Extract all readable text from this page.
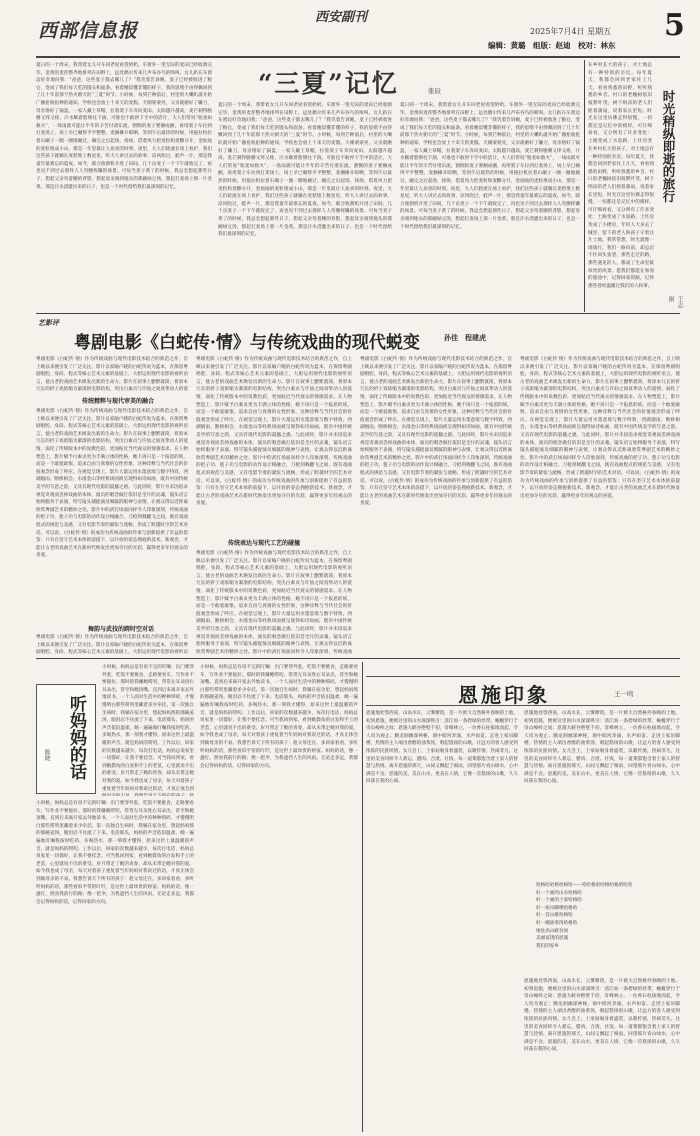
西部信息报
西安副刊
2025年7月4日 星期五
编辑：黄璐　组版：赵迪　校对：林东
5
夏日的一个周末，我带着女儿开车回老屋看望奶奶。车窗外一望无际的麦田已经收割完毕，金黄的麦茬整齐地排列在田野上，远处偶尔传来几声布谷鸟的啼叫。女儿趴在车窗边好奇地问我：“爸爸，这些麦子都去哪儿了？”我笑着告诉她，麦子已经被收进了粮仓，变成了我们每天吃的馒头和面条。看着她似懂非懂的样子，我的思绪不由得飘回到了几十年前那个热火朝天的“三夏”时节。小时候，每到芒种前后，村里的大喇叭就开始广播抢收抢种的通知，学校也会放上十来天的麦假。天刚蒙蒙亮，父亲就磨好了镰刀，母亲烙好了锅盔，一家人戴上草帽，拉着架子车奔向麦田。太阳越升越高，麦芒刺得胳膊又痒又疼，汗水顺着脸颊往下淌，可谁也不敢停下手中的活计，大人们常说“收麦如救火”，一场雨就可能让半年的辛苦付诸东流。割倒的麦子要捆成捆，再用架子车拉到打麦场上，场上早已碾得平平整整，麦捆摊开晾晒，等到午后最热的时候，用拖拉机拉着石碾子一圈一圈地碾过。碾完之后起场、扬场，借着风力把麦粒和麦糠分开，金灿灿的麦粒堆成小山，那是一年里最让人欢喜的时刻。夜里，大人们轮流在场上看护，我们这些孩子就躺在麦秸堆上数星星，听大人讲过去的故事，凉风吹过，蛙声一片，那是我童年最难忘的夏夜。如今，联合收割机开进了田间，几十亩麦子一个下午就收完了，再也见不到过去那样人人弯腰挥镰的场景。可每当麦子黄了的时候，我总会想起那些日子，想起父亲弯着腰的背影，想起母亲端到地头的那碗绿豆汤，想起打麦场上那一片金黄。那是汗水浇灌出来的日子，也是一个时代留给我们最深刻的记忆。
“三夏”记忆	张辰
夏日的一个周末，我带着女儿开车回老屋看望奶奶。车窗外一望无际的麦田已经收割完毕，金黄的麦茬整齐地排列在田野上，远处偶尔传来几声布谷鸟的啼叫。女儿趴在车窗边好奇地问我：“爸爸，这些麦子都去哪儿了？”我笑着告诉她，麦子已经被收进了粮仓，变成了我们每天吃的馒头和面条。看着她似懂非懂的样子，我的思绪不由得飘回到了几十年前那个热火朝天的“三夏”时节。小时候，每到芒种前后，村里的大喇叭就开始广播抢收抢种的通知，学校也会放上十来天的麦假。天刚蒙蒙亮，父亲就磨好了镰刀，母亲烙好了锅盔，一家人戴上草帽，拉着架子车奔向麦田。太阳越升越高，麦芒刺得胳膊又痒又疼，汗水顺着脸颊往下淌，可谁也不敢停下手中的活计，大人们常说“收麦如救火”，一场雨就可能让半年的辛苦付诸东流。割倒的麦子要捆成捆，再用架子车拉到打麦场上，场上早已碾得平平整整，麦捆摊开晾晒，等到午后最热的时候，用拖拉机拉着石碾子一圈一圈地碾过。碾完之后起场、扬场，借着风力把麦粒和麦糠分开，金灿灿的麦粒堆成小山，那是一年里最让人欢喜的时刻。夜里，大人们轮流在场上看护，我们这些孩子就躺在麦秸堆上数星星，听大人讲过去的故事，凉风吹过，蛙声一片，那是我童年最难忘的夏夜。如今，联合收割机开进了田间，几十亩麦子一个下午就收完了，再也见不到过去那样人人弯腰挥镰的场景。可每当麦子黄了的时候，我总会想起那些日子，想起父亲弯着腰的背影，想起母亲端到地头的那碗绿豆汤，想起打麦场上那一片金黄。那是汗水浇灌出来的日子，也是一个时代留给我们最深刻的记忆。
夏日的一个周末，我带着女儿开车回老屋看望奶奶。车窗外一望无际的麦田已经收割完毕，金黄的麦茬整齐地排列在田野上，远处偶尔传来几声布谷鸟的啼叫。女儿趴在车窗边好奇地问我：“爸爸，这些麦子都去哪儿了？”我笑着告诉她，麦子已经被收进了粮仓，变成了我们每天吃的馒头和面条。看着她似懂非懂的样子，我的思绪不由得飘回到了几十年前那个热火朝天的“三夏”时节。小时候，每到芒种前后，村里的大喇叭就开始广播抢收抢种的通知，学校也会放上十来天的麦假。天刚蒙蒙亮，父亲就磨好了镰刀，母亲烙好了锅盔，一家人戴上草帽，拉着架子车奔向麦田。太阳越升越高，麦芒刺得胳膊又痒又疼，汗水顺着脸颊往下淌，可谁也不敢停下手中的活计，大人们常说“收麦如救火”，一场雨就可能让半年的辛苦付诸东流。割倒的麦子要捆成捆，再用架子车拉到打麦场上，场上早已碾得平平整整，麦捆摊开晾晒，等到午后最热的时候，用拖拉机拉着石碾子一圈一圈地碾过。碾完之后起场、扬场，借着风力把麦粒和麦糠分开，金灿灿的麦粒堆成小山，那是一年里最让人欢喜的时刻。夜里，大人们轮流在场上看护，我们这些孩子就躺在麦秸堆上数星星，听大人讲过去的故事，凉风吹过，蛙声一片，那是我童年最难忘的夏夜。如今，联合收割机开进了田间，几十亩麦子一个下午就收完了，再也见不到过去那样人人弯腰挥镰的场景。可每当麦子黄了的时候，我总会想起那些日子，想起父亲弯着腰的背影，想起母亲端到地头的那碗绿豆汤，想起打麦场上那一片金黄。那是汗水浇灌出来的日子，也是一个时代留给我们最深刻的记忆。
在乡村长大的孩子，对土地总有一种特别的亲近。每年夏天，我都会回到老家住上几天，看看熟悉的田野，听听熟悉的乡音。村口的老槐树依旧枝繁叶茂，树下纳凉的老人们摇着蒲扇，说着家长里短。时光在这里仿佛走得很慢，一切都还是记忆中的模样。可仔细看看，又分明有了许多变化：土路变成了水泥路，土坯房变 时光稍纵即逝的旅行
在乡村长大的孩子，对土地总有一种特别的亲近。每年夏天，我都会回到老家住上几天，看看熟悉的田野，听听熟悉的乡音。村口的老槐树依旧枝繁叶茂，树下纳凉的老人们摇着蒲扇，说着家长里短。时光在这里仿佛走得很慢，一切都还是记忆中的模样。可仔细看看，又分明有了许多变化：土路变成了水泥路，土坯房变成了小楼房，年轻人大多去了城里，留下的老人和孩子守着这片土地。我常常想，时光就像一场旅行，我们一路向前，却总忍不住回头张望，那些走过的路，那些遇见的人，都成了生命里最珍贵的风景。愿我们都能在匆匆的旅途中，记得回家的路，记得那些曾经温暖过我们的人和事。
王志刚
艺影评
粤剧电影《白蛇传·情》与传统戏曲的现代蜕变	孙佳　程建虎
粤剧电影《白蛇传·情》作为传统戏曲与现代电影技术结合的典范之作，自上映以来便引发了广泛关注。影片以家喻户晓的白蛇传说为蓝本，在保留粤剧唱腔、身段、程式等核心艺术元素的基础上，大胆运用现代电影的视听语言，使古老的戏曲艺术焕发出新的生命力。影片在叙事上删繁就简，将原本冗长的折子戏浓缩为紧凑的电影结构，突出白素贞与许仙之间真挚动人的爱
传统精粹与现代审美的融合
粤剧电影《白蛇传·情》作为传统戏曲与现代电影技术结合的典范之作，自上映以来便引发了广泛关注。影片以家喻户晓的白蛇传说为蓝本，在保留粤剧唱腔、身段、程式等核心艺术元素的基础上，大胆运用现代电影的视听语言，使古老的戏曲艺术焕发出新的生命力。影片在叙事上删繁就简，将原本冗长的折子戏浓缩为紧凑的电影结构，突出白素贞与许仙之间真挚动人的爱情，弱化了传统版本中的说教色彩，更加贴近当代观众的情感需求。在人物塑造上，影片赋予白素贞更为丰满立体的性格，她不再只是一个报恩的妖，而是一个敢爱敢恨、追求自由与真情的女性形象，这种诠释与当代社会的价值观念形成了呼应。在视觉呈现上，影片大量运用水墨意境与数字特效，西湖烟雨、断桥相会、水漫金山等经典场面被呈现得如诗如画，既有中国传统美学的写意之韵，又具有现代电影的震撼之感。与此同时，影片并未因追求视觉奇观而丢掉戏曲的本体，演员的唱念做打依旧是全片的灵魂，镜头语言始终服务于表演，特写镜头捕捉演员细腻的眼神与表情，让观众得以近距离欣赏粤剧艺术的精妙之处。影片中的武打场面同样令人印象深刻，传统戏曲的把子功、毯子功与电影的动作设计相融合，刀枪剑戟翻飞之间，既有戏曲程式的规范与美感，又有电影节奏的紧张与流畅，形成了跨越时空的艺术对话。可以说，《白蛇传·情》的成功为传统戏曲的传承与创新提供了有益的借鉴：只有在坚守艺术本体的前提下，以开放的姿态拥抱新技术、新观念，才能让古老的戏曲艺术在新时代焕发出更加夺目的光彩，赢得更多年轻观众的喜爱。
舞韵与武技的跨时空对话
粤剧电影《白蛇传·情》作为传统戏曲与现代电影技术结合的典范之作，自上映以来便引发了广泛关注。影片以家喻户晓的白蛇传说为蓝本，在保留粤剧唱腔、身段、程式等核心艺术元素的基础上，大胆运用现代电影的视听语
粤剧电影《白蛇传·情》作为传统戏曲与现代电影技术结合的典范之作，自上映以来便引发了广泛关注。影片以家喻户晓的白蛇传说为蓝本，在保留粤剧唱腔、身段、程式等核心艺术元素的基础上，大胆运用现代电影的视听语言，使古老的戏曲艺术焕发出新的生命力。影片在叙事上删繁就简，将原本冗长的折子戏浓缩为紧凑的电影结构，突出白素贞与许仙之间真挚动人的爱情，弱化了传统版本中的说教色彩，更加贴近当代观众的情感需求。在人物塑造上，影片赋予白素贞更为丰满立体的性格，她不再只是一个报恩的妖，而是一个敢爱敢恨、追求自由与真情的女性形象，这种诠释与当代社会的价值观念形成了呼应。在视觉呈现上，影片大量运用水墨意境与数字特效，西湖烟雨、断桥相会、水漫金山等经典场面被呈现得如诗如画，既有中国传统美学的写意之韵，又具有现代电影的震撼之感。与此同时，影片并未因追求视觉奇观而丢掉戏曲的本体，演员的唱念做打依旧是全片的灵魂，镜头语言始终服务于表演，特写镜头捕捉演员细腻的眼神与表情，让观众得以近距离欣赏粤剧艺术的精妙之处。影片中的武打场面同样令人印象深刻，传统戏曲的把子功、毯子功与电影的动作设计相融合，刀枪剑戟翻飞之间，既有戏曲程式的规范与美感，又有电影节奏的紧张与流畅，形成了跨越时空的艺术对话。可以说，《白蛇传·情》的成功为传统戏曲的传承与创新提供了有益的借鉴：只有在坚守艺术本体的前提下，以开放的姿态拥抱新技术、新观念，才能让古老的戏曲艺术在新时代焕发出更加夺目的光彩，赢得更多年轻观众的喜爱。
传统表达与现代工艺的碰撞
粤剧电影《白蛇传·情》作为传统戏曲与现代电影技术结合的典范之作，自上映以来便引发了广泛关注。影片以家喻户晓的白蛇传说为蓝本，在保留粤剧唱腔、身段、程式等核心艺术元素的基础上，大胆运用现代电影的视听语言，使古老的戏曲艺术焕发出新的生命力。影片在叙事上删繁就简，将原本冗长的折子戏浓缩为紧凑的电影结构，突出白素贞与许仙之间真挚动人的爱情，弱化了传统版本中的说教色彩，更加贴近当代观众的情感需求。在人物塑造上，影片赋予白素贞更为丰满立体的性格，她不再只是一个报恩的妖，而是一个敢爱敢恨、追求自由与真情的女性形象，这种诠释与当代社会的价值观念形成了呼应。在视觉呈现上，影片大量运用水墨意境与数字特效，西湖烟雨、断桥相会、水漫金山等经典场面被呈现得如诗如画，既有中国传统美学的写意之韵，又具有现代电影的震撼之感。与此同时，影片并未因追求视觉奇观而丢掉戏曲的本体，演员的唱念做打依旧是全片的灵魂，镜头语言始终服务于表演，特写镜头捕捉演员细腻的眼神与表情，让观众得以近距离欣赏粤剧艺术的精妙之处。影片中的武打场面同样令人印象深刻，传统戏曲
粤剧电影《白蛇传·情》作为传统戏曲与现代电影技术结合的典范之作，自上映以来便引发了广泛关注。影片以家喻户晓的白蛇传说为蓝本，在保留粤剧唱腔、身段、程式等核心艺术元素的基础上，大胆运用现代电影的视听语言，使古老的戏曲艺术焕发出新的生命力。影片在叙事上删繁就简，将原本冗长的折子戏浓缩为紧凑的电影结构，突出白素贞与许仙之间真挚动人的爱情，弱化了传统版本中的说教色彩，更加贴近当代观众的情感需求。在人物塑造上，影片赋予白素贞更为丰满立体的性格，她不再只是一个报恩的妖，而是一个敢爱敢恨、追求自由与真情的女性形象，这种诠释与当代社会的价值观念形成了呼应。在视觉呈现上，影片大量运用水墨意境与数字特效，西湖烟雨、断桥相会、水漫金山等经典场面被呈现得如诗如画，既有中国传统美学的写意之韵，又具有现代电影的震撼之感。与此同时，影片并未因追求视觉奇观而丢掉戏曲的本体，演员的唱念做打依旧是全片的灵魂，镜头语言始终服务于表演，特写镜头捕捉演员细腻的眼神与表情，让观众得以近距离欣赏粤剧艺术的精妙之处。影片中的武打场面同样令人印象深刻，传统戏曲的把子功、毯子功与电影的动作设计相融合，刀枪剑戟翻飞之间，既有戏曲程式的规范与美感，又有电影节奏的紧张与流畅，形成了跨越时空的艺术对话。可以说，《白蛇传·情》的成功为传统戏曲的传承与创新提供了有益的借鉴：只有在坚守艺术本体的前提下，以开放的姿态拥抱新技术、新观念，才能让古老的戏曲艺术在新时代焕发出更加夺目的光彩，赢得更多年轻观众的喜爱。
粤剧电影《白蛇传·情》作为传统戏曲与现代电影技术结合的典范之作，自上映以来便引发了广泛关注。影片以家喻户晓的白蛇传说为蓝本，在保留粤剧唱腔、身段、程式等核心艺术元素的基础上，大胆运用现代电影的视听语言，使古老的戏曲艺术焕发出新的生命力。影片在叙事上删繁就简，将原本冗长的折子戏浓缩为紧凑的电影结构，突出白素贞与许仙之间真挚动人的爱情，弱化了传统版本中的说教色彩，更加贴近当代观众的情感需求。在人物塑造上，影片赋予白素贞更为丰满立体的性格，她不再只是一个报恩的妖，而是一个敢爱敢恨、追求自由与真情的女性形象，这种诠释与当代社会的价值观念形成了呼应。在视觉呈现上，影片大量运用水墨意境与数字特效，西湖烟雨、断桥相会、水漫金山等经典场面被呈现得如诗如画，既有中国传统美学的写意之韵，又具有现代电影的震撼之感。与此同时，影片并未因追求视觉奇观而丢掉戏曲的本体，演员的唱念做打依旧是全片的灵魂，镜头语言始终服务于表演，特写镜头捕捉演员细腻的眼神与表情，让观众得以近距离欣赏粤剧艺术的精妙之处。影片中的武打场面同样令人印象深刻，传统戏曲的把子功、毯子功与电影的动作设计相融合，刀枪剑戟翻飞之间，既有戏曲程式的规范与美感，又有电影节奏的紧张与流畅，形成了跨越时空的艺术对话。可以说，《白蛇传·情》的成功为传统戏曲的传承与创新提供了有益的借鉴：只有在坚守艺术本体的前提下，以开放的姿态拥抱新技术、新观念，才能让古老的戏曲艺术在新时代焕发出更加夺目的光彩，赢得更多年轻观众的喜爱。
听妈妈的话
陈晓
小时候，妈妈总是有说不完的叮嘱：出门要穿外套，吃饭不要挑食，走路要看车，写作业不要拖拉。那时的我嫌她唠叨，常常左耳朵进右耳朵出，甚至和她顶嘴。直到后来离开家去外地读书，一个人面对生活中的种种琐碎，才慢慢明白那些唠叨里藏着多少牵挂。第一次独自生病时，我躺在宿舍里，想起妈妈熬的那碗姜汤，眼泪忍不住流了下来。电话那头，妈妈的声音依旧温柔，她一遍遍地叮嘱我按时吃药、多喝热水，那一刻我才懂得，原来这世上最温暖的声音，就是妈妈的唠叨。工作以后，回家的次数越来越少，每次打电话，妈妈总说家里一切都好，让我不要挂念。可当我回到家，看到她鬓角的白发和手上的老茧，心里就说不出的难受。岁月带走了她的青春，却从未带走她对我的爱。如今我也成了母亲，每天对着孩子重复着当年妈妈对我说过的话，才真正体会到
小时候，妈妈总是有说不完的叮嘱：出门要穿外套，吃饭不要挑食，走路要看车，写作业不要拖拉。那时的我嫌她唠叨，常常左耳朵进右耳朵出，甚至和她顶嘴。直到后来离开家去外地读书，一个人面对生活中的种种琐碎，才慢慢明白那些唠叨里藏着多少牵挂。第一次独自生病时，我躺在宿舍里，想起妈妈熬的那碗姜汤，眼泪忍不住流了下来。电话那头，妈妈的声音依旧温柔，她一遍遍地叮嘱我按时吃药、多喝热水，那一刻我才懂得，原来这世上最温暖的声音，就是妈妈的唠叨。工作以后，回家的次数越来越少，每次打电话，妈妈总说家里一切都好，让我不要挂念。可当我回到家，看到她鬓角的白发和手上的老茧，心里就说不出的难受。岁月带走了她的青春，却从未带走她对我的爱。如今我也成了母亲，每天对着孩子重复着当年妈妈对我说过的话，才真正体会到做母亲的不易。我想告诉天下所有的孩子：趁父母还在，多回家看看，多听听妈妈的话，那些看似平常的叮咛，是这世上最珍贵的财富。妈妈的话，像一盏灯，照亮我前行的路；像一把伞，为我遮挡人生的风雨。无论走多远，我都会记得妈妈的话，记得回家的方向。
小时候，妈妈总是有说不完的叮嘱：出门要穿外套，吃饭不要挑食，走路要看车，写作业不要拖拉。那时的我嫌她唠叨，常常左耳朵进右耳朵出，甚至和她顶嘴。直到后来离开家去外地读书，一个人面对生活中的种种琐碎，才慢慢明白那些唠叨里藏着多少牵挂。第一次独自生病时，我躺在宿舍里，想起妈妈熬的那碗姜汤，眼泪忍不住流了下来。电话那头，妈妈的声音依旧温柔，她一遍遍地叮嘱我按时吃药、多喝热水，那一刻我才懂得，原来这世上最温暖的声音，就是妈妈的唠叨。工作以后，回家的次数越来越少，每次打电话，妈妈总说家里一切都好，让我不要挂念。可当我回到家，看到她鬓角的白发和手上的老茧，心里就说不出的难受。岁月带走了她的青春，却从未带走她对我的爱。如今我也成了母亲，每天对着孩子重复着当年妈妈对我说过的话，才真正体会到做母亲的不易。我想告诉天下所有的孩子：趁父母还在，多回家看看，多听听妈妈的话，那些看似平常的叮咛，是这世上最珍贵的财富。妈妈的话，像一盏灯，照亮我前行的路；像一把伞，为我遮挡人生的风雨。无论走多远，我都会记得妈妈的话，记得回家的方向。
恩施印象	王一鸣
恩施地处鄂西南，山高水长，云雾缭绕，是一片被大自然格外眷顾的土地。初到恩施，便被这里的山水深深吸引：清江如一条碧绿的丝带，蜿蜒穿行于崇山峻岭之间；恩施大峡谷绝壁千仞，奇峰林立，一炷香石柱拔地而起，令人叹为观止；腾龙洞幽深神秘，洞中暗河奔涌，水声如雷。走进土家吊脚楼，热情的主人端出香醇的油茶汤，唱起悠扬的山歌，让远方的客人感受到浓浓的民族风情。女儿会上，土家姑娘身着盛装，以歌传情，热闹非凡。这里的美食同样令人难忘，腊肉、合渣、社饭，每一道菜都饱含着土家人的智慧与热情。离开恩施的那天，山间又飘起了细雨，回望那片青山绿水，心中满是不舍。恩施的美，美在山水，更美在人情，它像一首悠扬的山歌，久久回荡在我的心间。
恩施地处鄂西南，山高水长，云雾缭绕，是一片被大自然格外眷顾的土地。初到恩施，便被这里的山水深深吸引：清江如一条碧绿的丝带，蜿蜒穿行于崇山峻岭之间；恩施大峡谷绝壁千仞，奇峰林立，一炷香石柱拔地而起，令人叹为观止；腾龙洞幽深神秘，洞中暗河奔涌，水声如雷。走进土家吊脚楼，热情的主人端出香醇的油茶汤，唱起悠扬的山歌，让远方的客人感受到浓浓的民族风情。女儿会上，土家姑娘身着盛装，以歌传情，热闹非凡。这里的美食同样令人难忘，腊肉、合渣、社饭，每一道菜都饱含着土家人的智慧与热情。离开恩施的那天，山间又飘起了细雨，回望那片青山绿水，心中满是不舍。恩施的美，美在山水，更美在人情，它像一首悠扬的山歌，久久回荡在我的心间。
哈格哈哈格哈格哈——哈哈格哈哈格哈格哈哈哈
好一个画的山水哈格哈
好一个画的土家哈格哈
好一座吊脚楼哈格哈
好一首山歌哈格哈
好一碗油茶汤哈格哈
地处高山峡谷间
美丽富饶的恩施
我们的家乡
恩施地处鄂西南，山高水长，云雾缭绕，是一片被大自然格外眷顾的土地。初到恩施，便被这里的山水深深吸引：清江如一条碧绿的丝带，蜿蜒穿行于崇山峻岭之间；恩施大峡谷绝壁千仞，奇峰林立，一炷香石柱拔地而起，令人叹为观止；腾龙洞幽深神秘，洞中暗河奔涌，水声如雷。走进土家吊脚楼，热情的主人端出香醇的油茶汤，唱起悠扬的山歌，让远方的客人感受到浓浓的民族风情。女儿会上，土家姑娘身着盛装，以歌传情，热闹非凡。这里的美食同样令人难忘，腊肉、合渣、社饭，每一道菜都饱含着土家人的智慧与热情。离开恩施的那天，山间又飘起了细雨，回望那片青山绿水，心中满是不舍。恩施的美，美在山水，更美在人情，它像一首悠扬的山歌，久久回荡在我的心间。
